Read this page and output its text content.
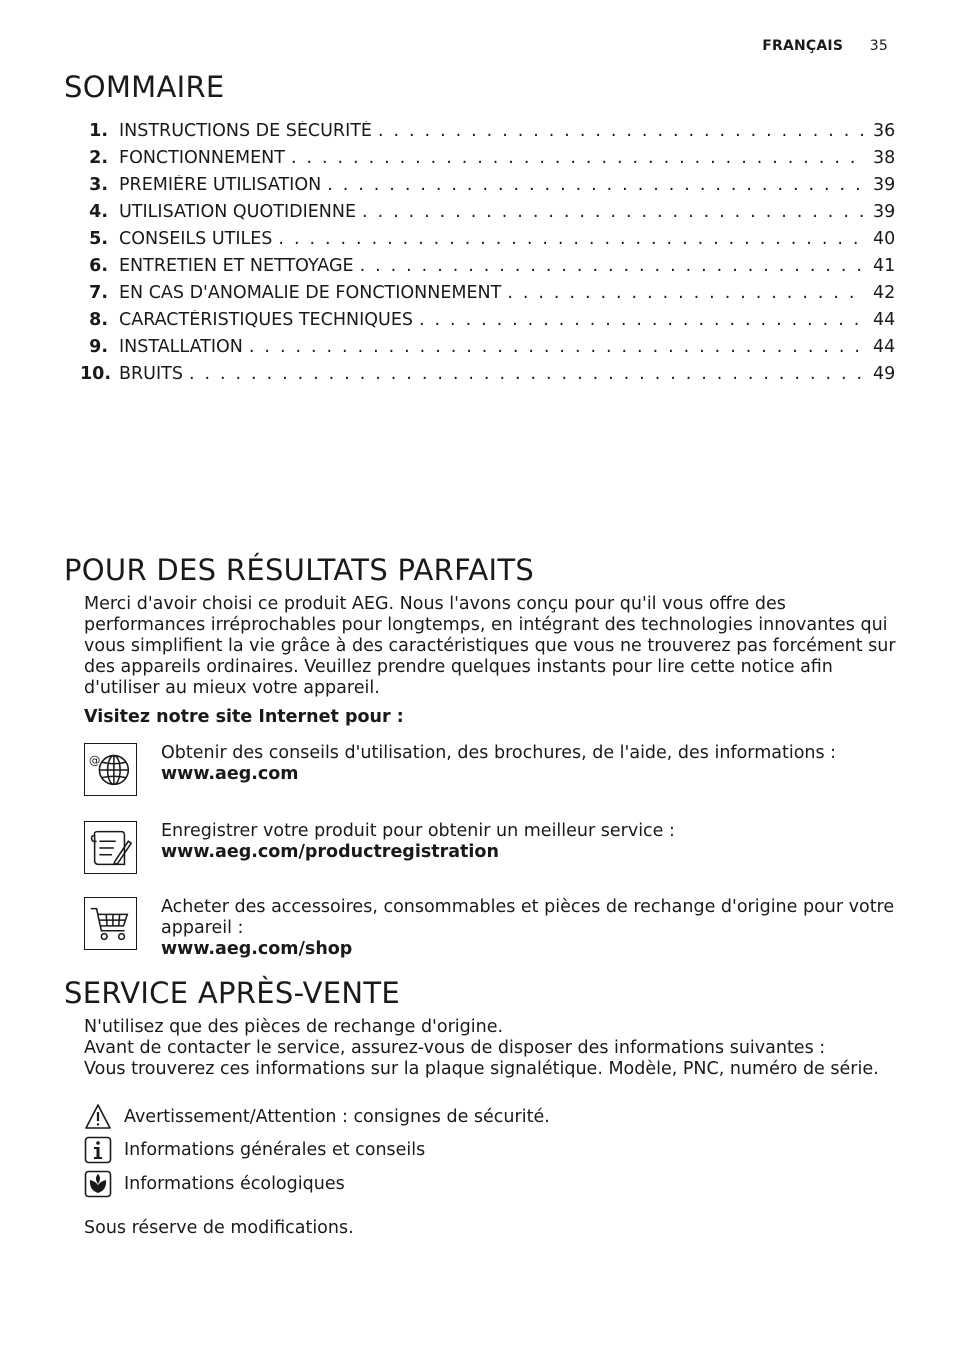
FRANÇAIS 35
SOMMAIRE
1. INSTRUCTIONS DE SÉCURITÉ . . .	36
2. FONCTIONNEMENT . . .	38
3. PREMIÈRE UTILISATION . . .	39
4. UTILISATION QUOTIDIENNE . . .	39
5. CONSEILS UTILES . . .	40
6. ENTRETIEN ET NETTOYAGE . . .	41
7. EN CAS D'ANOMALIE DE FONCTIONNEMENT . . .	42
8. CARACTÉRISTIQUES TECHNIQUES . . .	44
9. INSTALLATION . . .	44
10. BRUITS . . .	49
POUR DES RÉSULTATS PARFAITS
Merci d'avoir choisi ce produit AEG. Nous l'avons conçu pour qu'il vous offre des performances irréprochables pour longtemps, en intégrant des technologies innovantes qui vous simplifient la vie grâce à des caractéristiques que vous ne trouverez pas forcément sur des appareils ordinaires. Veuillez prendre quelques instants pour lire cette notice afin d'utiliser au mieux votre appareil.
Visitez notre site Internet pour :
@	Obtenir des conseils d'utilisation, des brochures, de l'aide, des informations :
www.aeg.com
Enregistrer votre produit pour obtenir un meilleur service :
www.aeg.com/productregistration
Acheter des accessoires, consommables et pièces de rechange d'origine pour votre appareil :
www.aeg.com/shop
SERVICE APRÈS-VENTE
N'utilisez que des pièces de rechange d'origine.
Avant de contacter le service, assurez-vous de disposer des informations suivantes :
Vous trouverez ces informations sur la plaque signalétique. Modèle, PNC, numéro de série.
Avertissement/Attention : consignes de sécurité.
Informations générales et conseils
Informations écologiques
Sous réserve de modifications.
